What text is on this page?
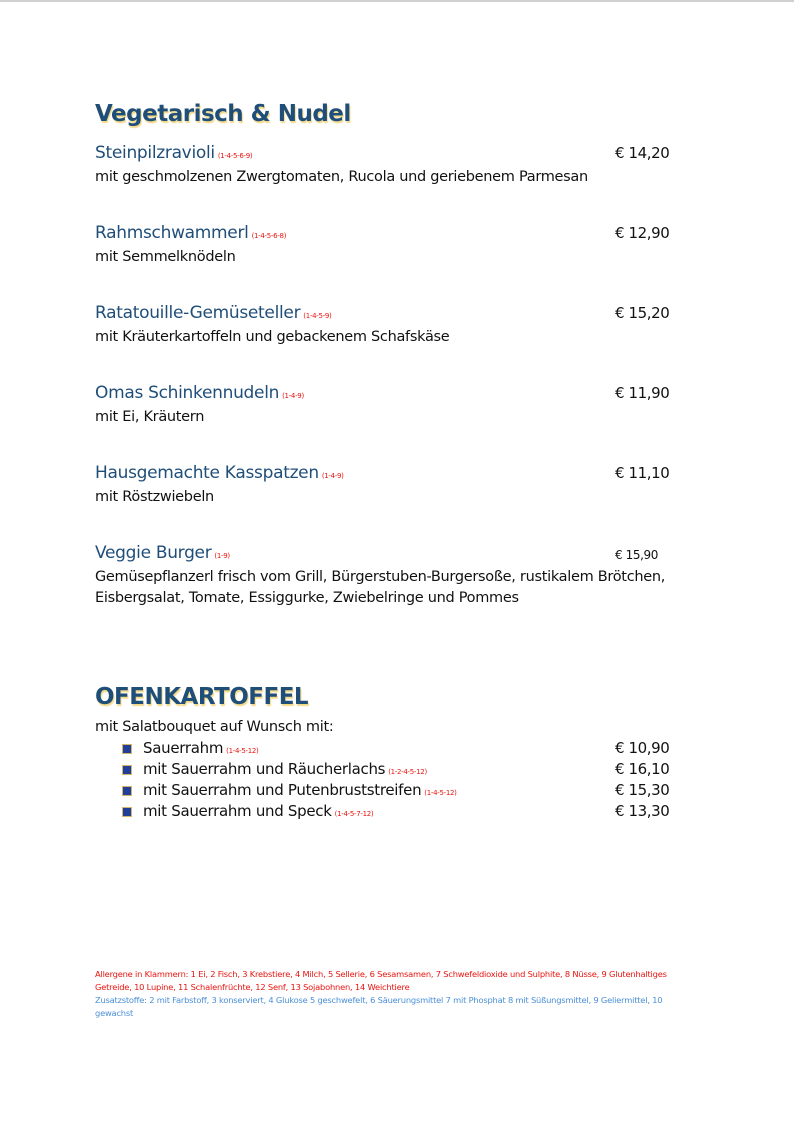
Vegetarisch & Nudel
Steinpilzravioli (1-4-5-6-9)	€ 14,20
mit geschmolzenen Zwergtomaten, Rucola und geriebenem Parmesan
Rahmschwammerl (1-4-5-6-8)	€ 12,90
mit Semmelknödeln
Ratatouille-Gemüseteller (1-4-5-9)	€ 15,20
mit Kräuterkartoffeln und gebackenem Schafskäse
Omas Schinkennudeln (1-4-9)	€ 11,90
mit Ei, Kräutern
Hausgemachte Kasspatzen (1-4-9)	€ 11,10
mit Röstzwiebeln
Veggie Burger (1-9)	€ 15,90
Gemüsepflanzerl frisch vom Grill, Bürgerstuben-Burgersoße, rustikalem Brötchen,
Eisbergsalat, Tomate, Essiggurke, Zwiebelringe und Pommes
OFENKARTOFFEL
mit Salatbouquet auf Wunsch mit:
Sauerrahm (1-4-5-12)	€ 10,90
mit Sauerrahm und Räucherlachs (1-2-4-5-12)	€ 16,10
mit Sauerrahm und Putenbruststreifen (1-4-5-12)	€ 15,30
mit Sauerrahm und Speck (1-4-5-7-12)	€ 13,30
Allergene in Klammern: 1 Ei, 2 Fisch, 3 Krebstiere, 4 Milch, 5 Sellerie, 6 Sesamsamen, 7 Schwefeldioxide und Sulphite, 8 Nüsse, 9 Glutenhaltiges Getreide, 10 Lupine, 11 Schalenfrüchte, 12 Senf, 13 Sojabohnen, 14 Weichtiere
Zusatzstoffe: 2 mit Farbstoff, 3 konserviert, 4 Glukose 5 geschwefelt, 6 Säuerungsmittel 7 mit Phosphat 8 mit Süßungsmittel, 9 Geliermittel, 10 gewachst
